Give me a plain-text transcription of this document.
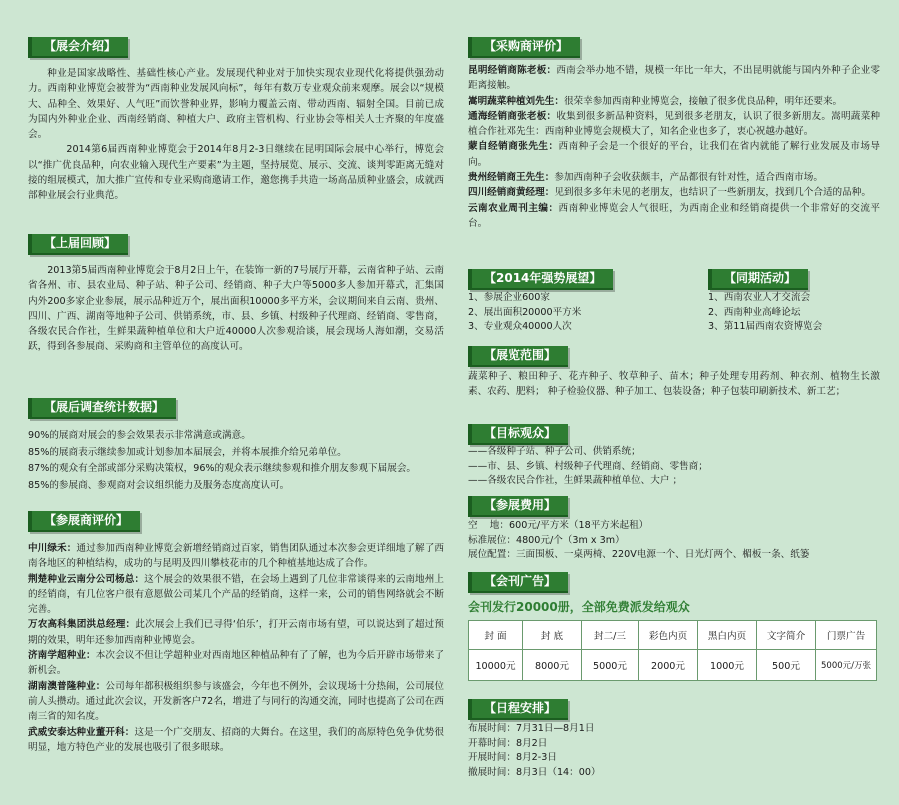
【展会介绍】

种业是国家战略性、基础性核心产业。发展现代种业对于加快实现农业现代化将提供强劲动力。西南种业博览会被誉为“西南种业发展风向标”，每年有数万专业观众前来观摩。展会以“规模大、品种全、效果好、人气旺”而饮誉种业界，影响力覆盖云南、带动西南、辐射全国。目前已成为国内外种业企业、西南经销商、种植大户、政府主管机构、行业协会等相关人士齐聚的年度盛会。

2014第6届西南种业博览会于2014年8月2-3日继续在昆明国际会展中心举行，博览会以“推广优良品种，向农业输入现代生产要素”为主题，坚持展览、展示、交流、谈判零距离无缝对接的组展模式，加大推广宣传和专业采购商邀请工作，邀您携手共造一场高品质种业盛会，成就西部种业展会行业典范。

【上届回顾】

2013第5届西南种业博览会于8月2日上午，在装饰一新的7号展厅开幕，云南省种子站、云南省各州、市、县农业局、种子站、种子公司、经销商、种子大户等5000多人参加开幕式，汇集国内外200多家企业参展，展示品种近万个，展出面积10000多平方米，会议期间来自云南、贵州、四川、广西、湖南等地种子公司、供销系统，市、县、乡镇、村级种子代理商、经销商、零售商，各级农民合作社，生鲜果蔬种植单位和大户近40000人次参观洽谈，展会现场人海如潮，交易活跃，得到各参展商、采购商和主管单位的高度认可。

【展后调查统计数据】
90%的展商对展会的参会效果表示非常满意或满意。
85%的展商表示继续参加或计划参加本届展会，并将本展推介给兄弟单位。
87%的观众有全部或部分采购决策权，96%的观众表示继续参观和推介朋友参观下届展会。
85%的参展商、参观商对会议组织能力及服务态度高度认可。
【参展商评价】

中川绿禾：通过参加西南种业博览会新增经销商过百家，销售团队通过本次参会更详细地了解了西南各地区的种植结构，成功的与昆明及四川攀枝花市的几个种植基地达成了合作。

荆楚种业云南分公司杨总：这个展会的效果很不错，在会场上遇到了几位非常谈得来的云南地州上的经销商，有几位客户很有意愿做公司某几个产品的经销商，这样一来，公司的销售网络就会不断完善。

万农高科集团洪总经理：此次展会上我们已寻得‘伯乐’，打开云南市场有望，可以说达到了超过预期的效果，明年还参加西南种业博览会。

济南学超种业：本次会议不但让学超种业对西南地区种植品种有了了解，也为今后开辟市场带来了新机会。

湖南澳普隆种业：公司每年都积极组织参与该盛会，今年也不例外，会议现场十分热闹，公司展位前人头攒动。通过此次会议，开发新客户72名，增进了与同行的沟通交流，同时也提高了公司在西南三省的知名度。

武威安泰达种业董开科：这是一个广交朋友、招商的大舞台。在这里，我们的高原特色免争优势很明显，地方特色产业的发展也吸引了很多眼球。

【采购商评价】

昆明经销商陈老板：西南会举办地不错，规模一年比一年大，不出昆明就能与国内外种子企业零距离接触。

嵩明蔬菜种植刘先生：很荣幸参加西南种业博览会，接触了很多优良品种，明年还要来。

通海经销商张老板：收集到很多新品种资料，见到很多老朋友，认识了很多新朋友。嵩明蔬菜种植合作社邓先生：西南种业博览会规模大了，知名企业也多了，衷心祝越办越好。

蒙自经销商张先生：西南种子会是一个很好的平台，让我们在省内就能了解行业发展及市场导向。

贵州经销商王先生：参加西南种子会收获颇丰，产品都很有针对性，适合西南市场。

四川经销商黄经理：见到很多多年未见的老朋友，也结识了一些新朋友，找到几个合适的品种。

云南农业周刊主编：西南种业博览会人气很旺，为西南企业和经销商提供一个非常好的交流平台。

【2014年强势展望】
1、参展企业600家
2、展出面积20000平方米
3、专业观众40000人次
【同期活动】
1、西南农业人才交流会
2、西南种业高峰论坛
3、第11届西南农资博览会
【展览范围】

蔬菜种子、粮田种子、花卉种子、牧草种子、苗木；种子处理专用药剂、种衣剂、植物生长激素、农药、肥料； 种子检验仪器、种子加工、包装设备；种子包装印刷新技术、新工艺；

【目标观众】
——各级种子站、种子公司、供销系统；
——市、县、乡镇、村级种子代理商、经销商、零售商；
——各级农民合作社，生鲜果蔬种植单位、大户 ；
【参展费用】
空    地： 600元/平方米（18平方米起租）
标准展位： 4800元/个（3m x 3m）
展位配置： 三面围板、一桌两椅、220V电源一个、日光灯两个、楣板一条、纸篓
【会刊广告】
会刊发行20000册，全部免费派发给观众
封 面	封 底	封二/三	彩色内页	黑白内页	文字简介	门票广告
10000元	8000元	5000元	2000元	1000元	500元	5000元/万张
【日程安排】
布展时间： 7月31日—8月1日
开幕时间： 8月2日
开展时间： 8月2-3日
撤展时间： 8月3日（14：00）
